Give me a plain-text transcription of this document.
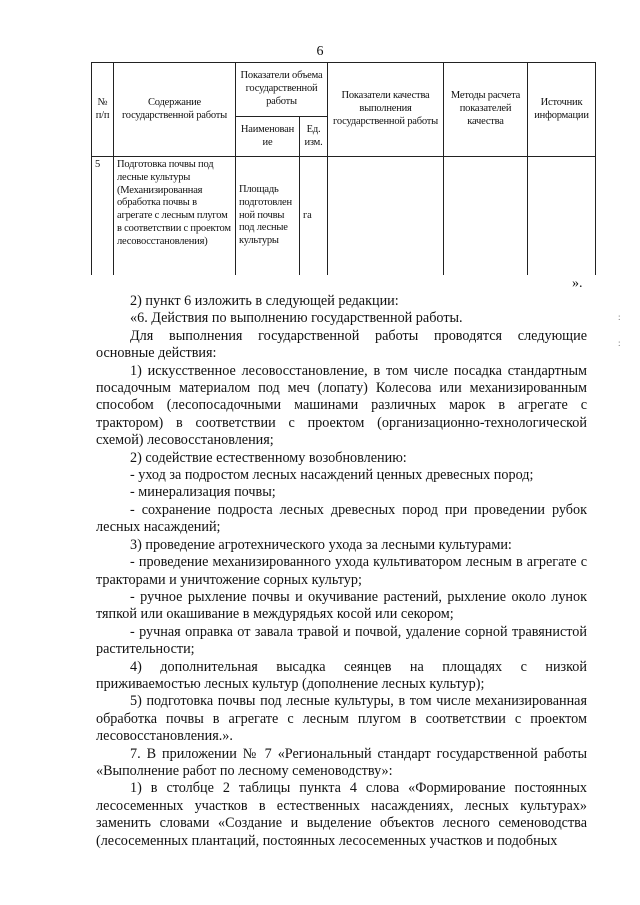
6
№ п/п	Содержание государственной работы	Показатели объема государственной работы		Показатели качества выполнения государственной работы	Методы расчета показателей качества	Источник информации
		Наименован ие	Ед. изм.			
5	Подготовка почвы под лесные культуры (Механизированная обработка почвы в агрегате с лесным плугом в соответствии с проектом лесовосстановления)	Площадь подготовлен ной почвы под лесные культуры	га			
».
:
:

2) пункт 6 изложить в следующей редакции:

«6. Действия по выполнению государственной работы.

Для выполнения государственной работы проводятся следующие основные действия:

1) искусственное лесовосстановление, в том числе посадка стандартным посадочным материалом под меч (лопату) Колесова или механизированным способом (лесопосадочными машинами различных марок в агрегате с трактором) в соответствии с проектом (организационно-технологической схемой) лесовосстановления;

2) содействие естественному возобновлению:

- уход за подростом лесных насаждений ценных древесных пород;

- минерализация почвы;

- сохранение подроста лесных древесных пород при проведении рубок лесных насаждений;

3) проведение агротехнического ухода за лесными культурами:

- проведение механизированного ухода культиватором лесным в агрегате с тракторами и уничтожение сорных культур;

- ручное рыхление почвы и окучивание растений, рыхление около лунок тяпкой или окашивание в междурядьях косой или секором;

- ручная оправка от завала травой и почвой, удаление сорной травянистой растительности;

4) дополнительная высадка сеянцев на площадях с низкой приживаемостью лесных культур (дополнение лесных культур);

5) подготовка почвы под лесные культуры, в том числе механизированная обработка почвы в агрегате с лесным плугом в соответствии с проектом лесовосстановления.».

7. В приложении № 7 «Региональный стандарт государственной работы «Выполнение работ по лесному семеноводству»:

1) в столбце 2 таблицы пункта 4 слова «Формирование постоянных лесосеменных участков в естественных насаждениях, лесных культурах» заменить словами «Создание и выделение объектов лесного семеноводства (лесосеменных плантаций, постоянных лесосеменных участков и подобных
